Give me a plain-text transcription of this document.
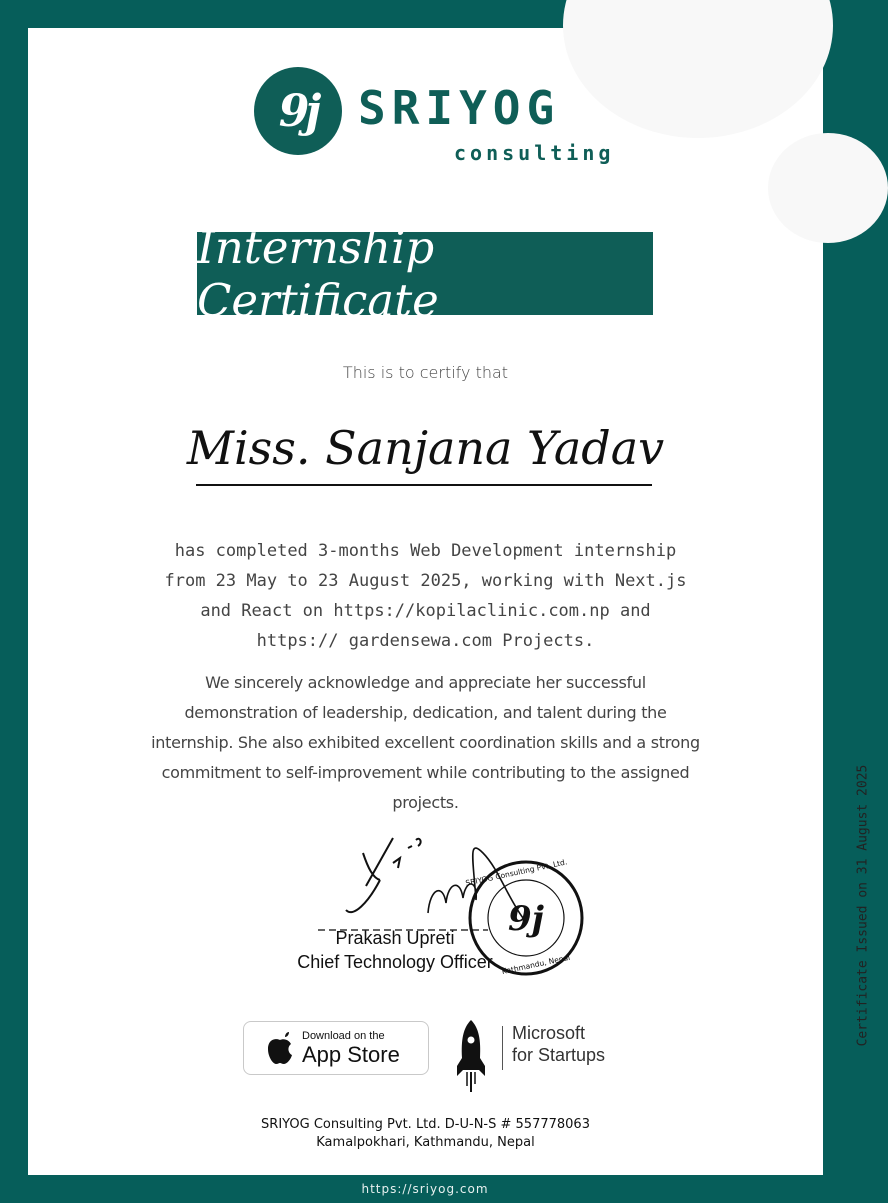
9j SRIYOG
consulting
Internship Certificate
This is to certify that
Miss. Sanjana Yadav
has completed 3-months Web Development internship from 23 May to 23 August 2025, working with Next.js and React on https://kopilaclinic.com.np and https:// gardensewa.com Projects.
We sincerely acknowledge and appreciate her successful demonstration of leadership, dedication, and talent during the internship. She also exhibited excellent coordination skills and a strong commitment to self-improvement while contributing to the assigned projects.
9j
SRIYOG Consulting Pvt. Ltd.
Kathmandu, Nepal
Prakash Upreti
Chief Technology Officer
Download on the
App Store
Microsoft
for Startups
SRIYOG Consulting Pvt. Ltd. D-U-N-S # 557778063
Kamalpokhari, Kathmandu, Nepal
Certificate Issued on 31 August 2025
https://sriyog.com
